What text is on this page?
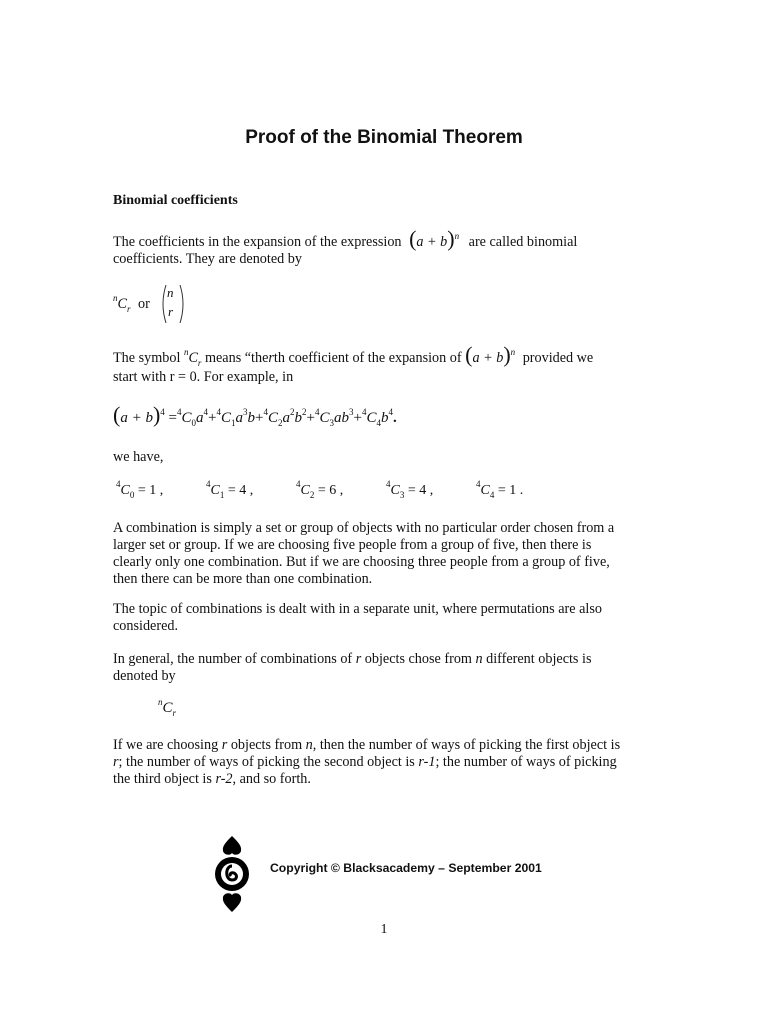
Proof of the Binomial Theorem
Binomial coefficients
The coefficients in the expansion of the expression $(a + b)^n$ are called binomial
coefficients. They are denoted by
$^nC_r$ or
n
r
The symbol $^nC_r$ means “therth coefficient of the expansion of $(a + b)^n$ provided we
start with r = 0. For example, in
$(a + b)^4 =^4C_0a^4+^4C_1a^3b+^4C_2a^2b^2+^4C_3ab^3+^4C_4b^4$.
we have,
$^4C_0 = 1$ ,	$^4C_1 = 4$ ,	$^4C_2 = 6$ ,	$^4C_3 = 4$ ,	$^4C_4 = 1$ .
A combination is simply a set or group of objects with no particular order chosen from a
larger set or group. If we are choosing five people from a group of five, then there is
clearly only one combination. But if we are choosing three people from a group of five,
then there can be more than one combination.
The topic of combinations is dealt with in a separate unit, where permutations are also
considered.
In general, the number of combinations of r objects chose from n different objects is
denoted by
$^nC_r$
If we are choosing r objects from n, then the number of ways of picking the first object is
r; the number of ways of picking the second object is r-1; the number of ways of picking
the third object is r-2, and so forth.
Copyright © Blacksacademy – September 2001
1
